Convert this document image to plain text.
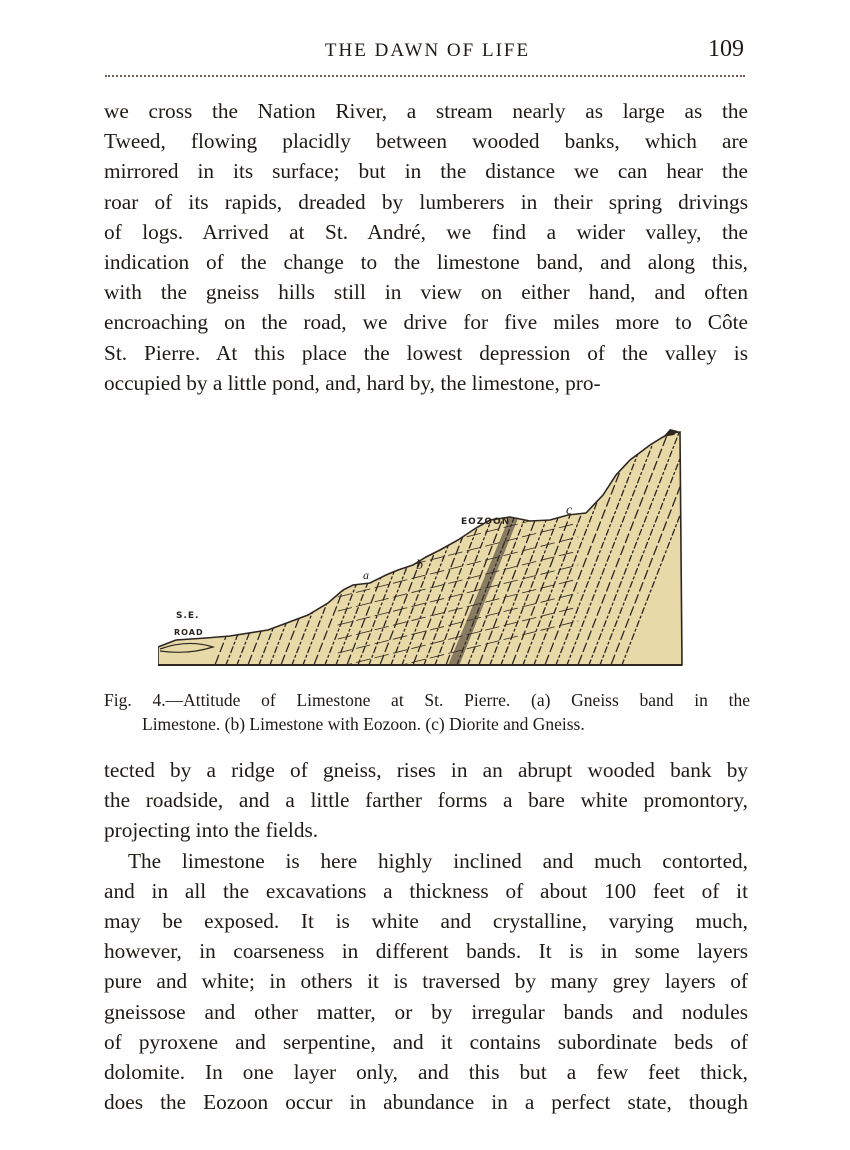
THE DAWN OF LIFE	109
we cross the Nation River, a stream nearly as large as the
Tweed, flowing placidly between wooded banks, which are
mirrored in its surface; but in the distance we can hear the
roar of its rapids, dreaded by lumberers in their spring drivings
of logs. Arrived at St. André, we find a wider valley, the
indication of the change to the limestone band, and along this,
with the gneiss hills still in view on either hand, and often
encroaching on the road, we drive for five miles more to Côte
St. Pierre. At this place the lowest depression of the valley is
occupied by a little pond, and, hard by, the limestone, pro-
S.E.
ROAD
a
b
c
EOZOON
Fig. 4.—Attitude of Limestone at St. Pierre. (a) Gneiss band in the
Limestone. (b) Limestone with Eozoon. (c) Diorite and Gneiss.
tected by a ridge of gneiss, rises in an abrupt wooded bank by
the roadside, and a little farther forms a bare white promontory,
projecting into the fields.
The limestone is here highly inclined and much contorted,
and in all the excavations a thickness of about 100 feet of it
may be exposed. It is white and crystalline, varying much,
however, in coarseness in different bands. It is in some layers
pure and white; in others it is traversed by many grey layers of
gneissose and other matter, or by irregular bands and nodules
of pyroxene and serpentine, and it contains subordinate beds of
dolomite. In one layer only, and this but a few feet thick,
does the Eozoon occur in abundance in a perfect state, though
